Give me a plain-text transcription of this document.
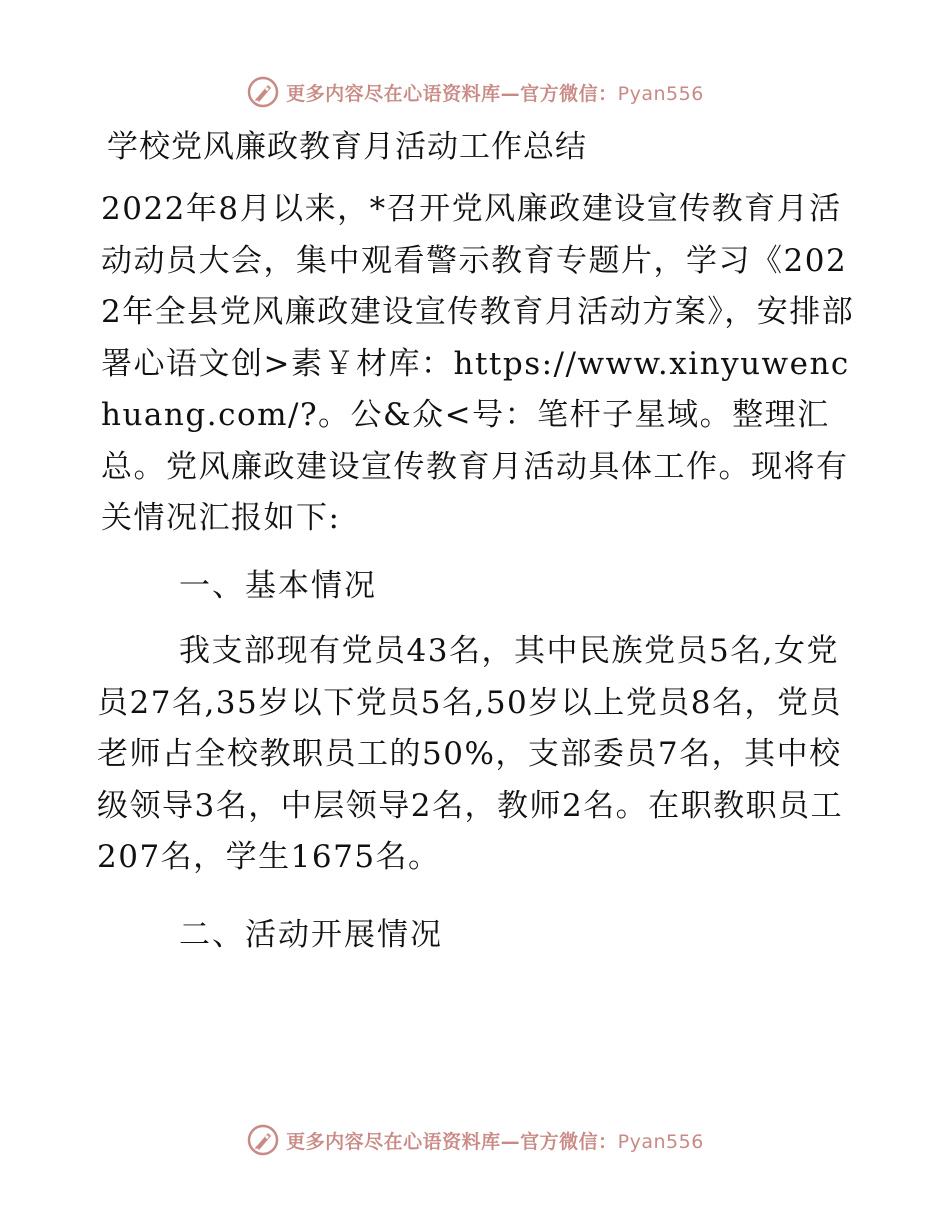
更多内容尽在心语资料库—官方微信：Pyan556
学校党风廉政教育月活动工作总结

2022年8月以来，*召开党风廉政建设宣传教育月活动动员大会，集中观看警示教育专题片，学习《2022年全县党风廉政建设宣传教育月活动方案》，安排部署心语文创>素￥材库：https://www.xinyuwenchuang.com/?。公&众<号：笔杆子星域。整理汇总。党风廉政建设宣传教育月活动具体工作。现将有关情况汇报如下:

一、基本情况

我支部现有党员43名，其中民族党员5名,女党员27名,35岁以下党员5名,50岁以上党员8名，党员老师占全校教职员工的50%，支部委员7名，其中校级领导3名，中层领导2名，教师2名。在职教职员工207名，学生1675名。

二、活动开展情况

更多内容尽在心语资料库—官方微信：Pyan556
